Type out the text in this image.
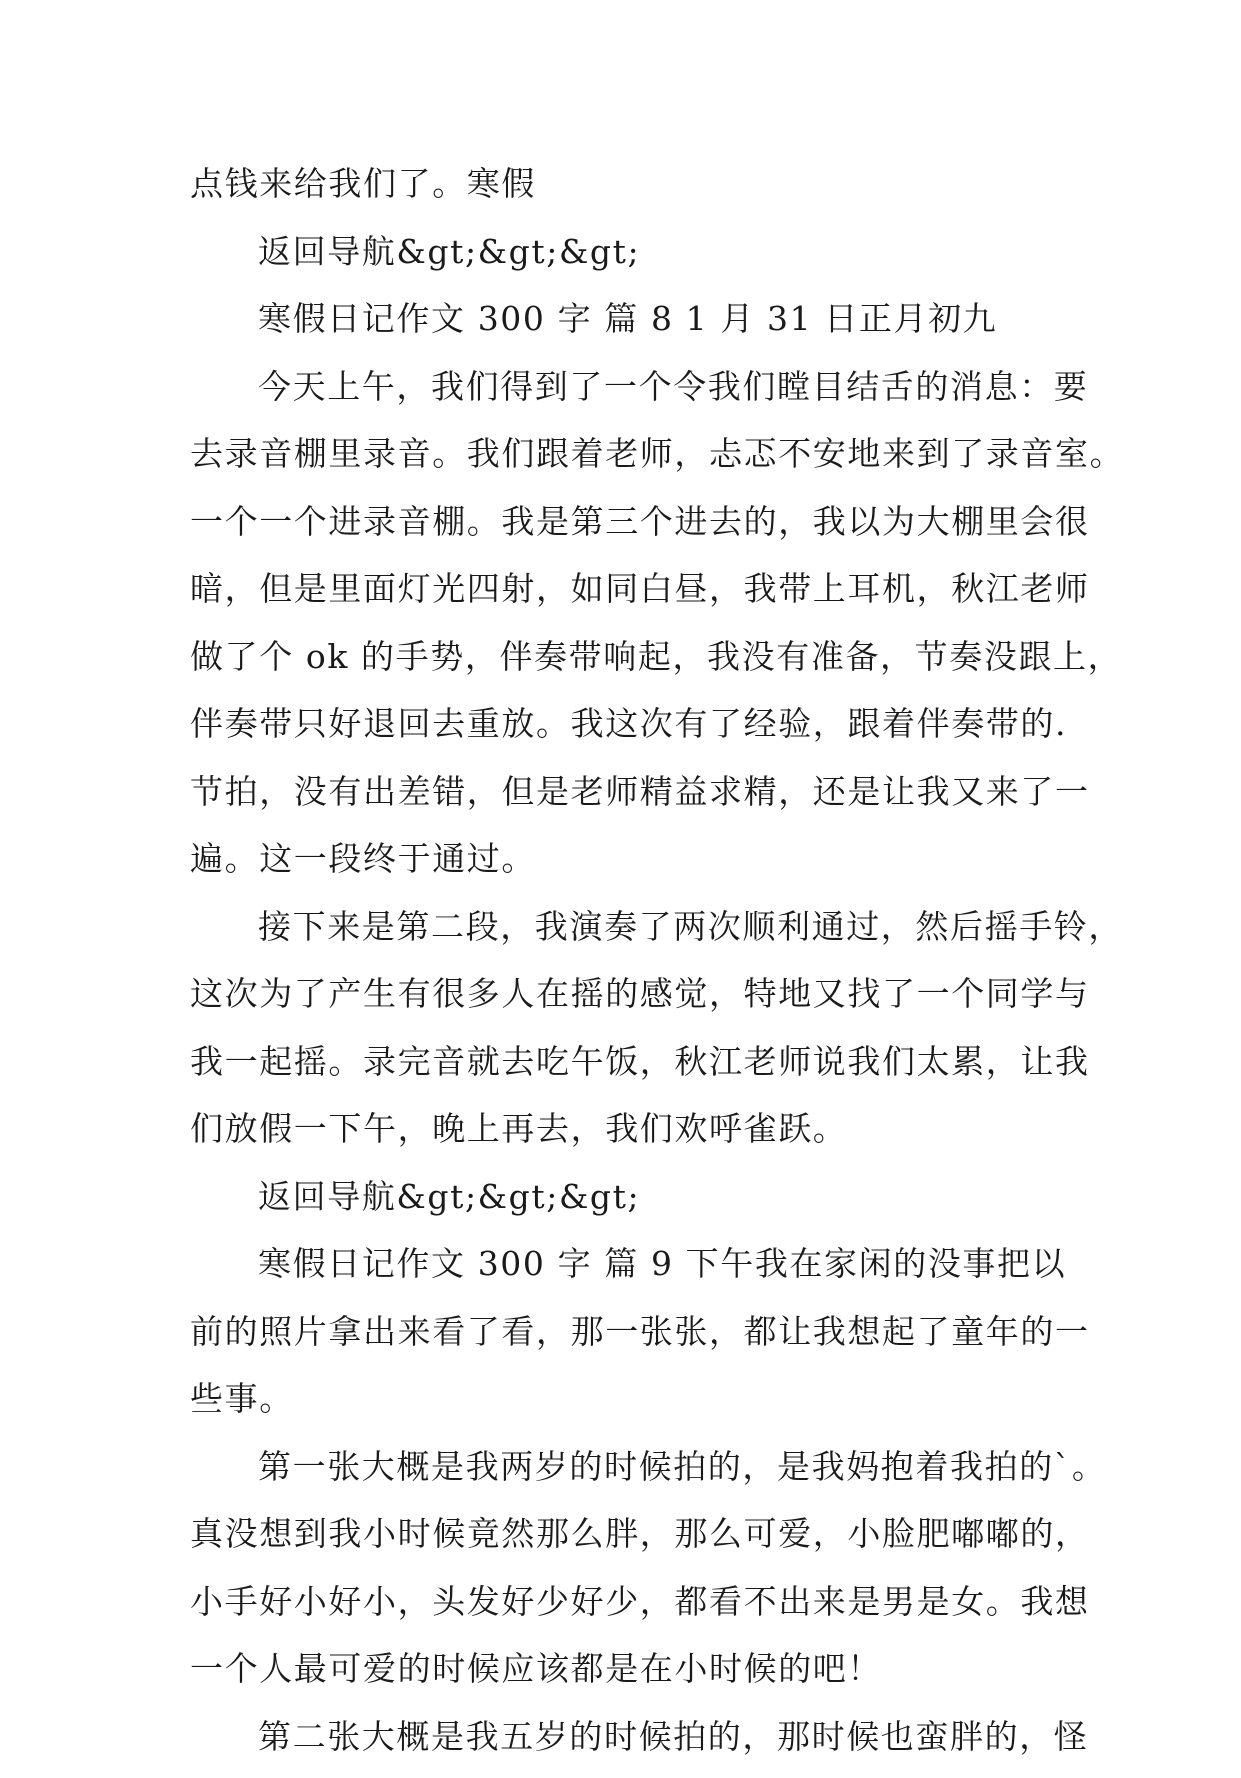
点钱来给我们了。寒假
返回导航&gt;&gt;&gt;
寒假日记作文 300 字 篇 8 1 月 31 日正月初九
今天上午，我们得到了一个令我们瞠目结舌的消息：要
去录音棚里录音。我们跟着老师，忐忑不安地来到了录音室。
一个一个进录音棚。我是第三个进去的，我以为大棚里会很
暗，但是里面灯光四射，如同白昼，我带上耳机，秋江老师
做了个 ok 的手势，伴奏带响起，我没有准备，节奏没跟上，
伴奏带只好退回去重放。我这次有了经验，跟着伴奏带的.
节拍，没有出差错，但是老师精益求精，还是让我又来了一
遍。这一段终于通过。
接下来是第二段，我演奏了两次顺利通过，然后摇手铃，
这次为了产生有很多人在摇的感觉，特地又找了一个同学与
我一起摇。录完音就去吃午饭，秋江老师说我们太累，让我
们放假一下午，晚上再去，我们欢呼雀跃。
返回导航&gt;&gt;&gt;
寒假日记作文 300 字 篇 9 下午我在家闲的没事把以
前的照片拿出来看了看，那一张张，都让我想起了童年的一
些事。
第一张大概是我两岁的时候拍的，是我妈抱着我拍的`。
真没想到我小时候竟然那么胖，那么可爱，小脸肥嘟嘟的，
小手好小好小，头发好少好少，都看不出来是男是女。我想
一个人最可爱的时候应该都是在小时候的吧！
第二张大概是我五岁的时候拍的，那时候也蛮胖的，怪
